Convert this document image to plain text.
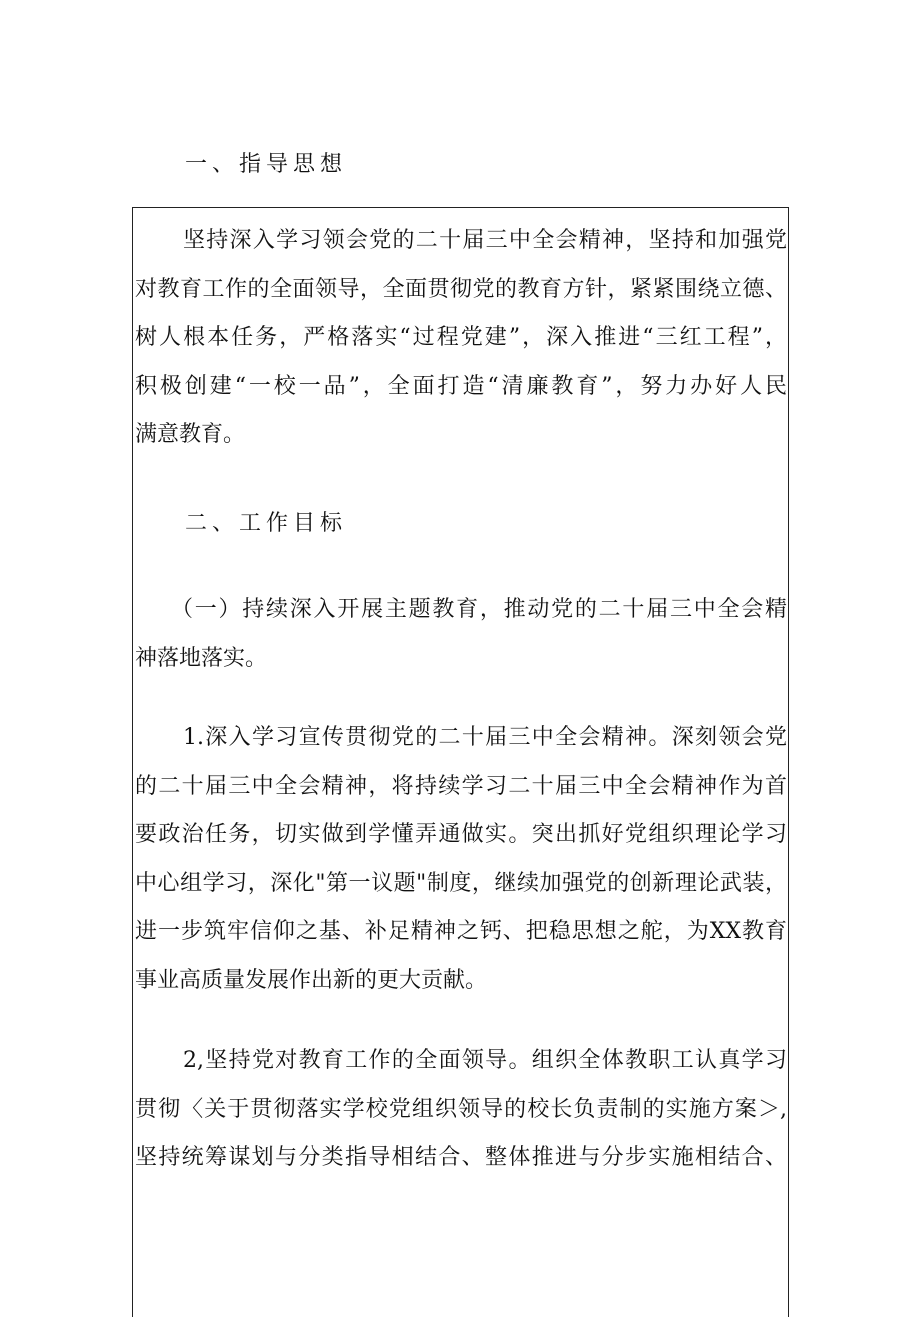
一、指导思想
坚持深入学习领会党的二十届三中全会精神，坚持和加强党
对教育工作的全面领导，全面贯彻党的教育方针，紧紧围绕立德、
树人根本任务，严格落实“过程党建”，深入推进“三红工程”，
积极创建“一校一品”，全面打造“清廉教育”，努力办好人民
满意教育。
二、工作目标
（一）持续深入开展主题教育，推动党的二十届三中全会精
神落地落实。
1.深入学习宣传贯彻党的二十届三中全会精神。深刻领会党
的二十届三中全会精神，将持续学习二十届三中全会精神作为首
要政治任务，切实做到学懂弄通做实。突出抓好党组织理论学习
中心组学习，深化"第一议题"制度，继续加强党的创新理论武装，
进一步筑牢信仰之基、补足精神之钙、把稳思想之舵，为XX教育
事业高质量发展作出新的更大贡献。
2,坚持党对教育工作的全面领导。组织全体教职工认真学习
贯彻〈关于贯彻落实学校党组织领导的校长负责制的实施方案＞,
坚持统筹谋划与分类指导相结合、整体推进与分步实施相结合、
